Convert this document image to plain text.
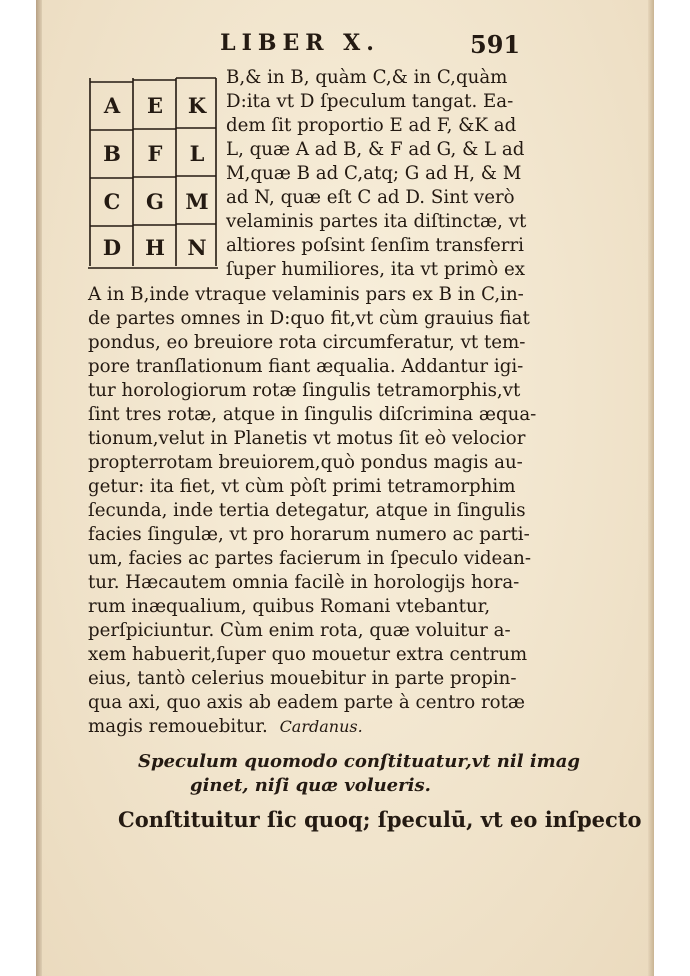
LIBER X.	591
A	E	K
B	F	L
C	G	M
D	H	N
B,& in B, quàm C,& in C,quàm
D:ita vt D ſpeculum tangat. Ea-
dem ſit proportio E ad F, &K ad
L, quæ A ad B, & F ad G, & L ad
M,quæ B ad C,atq; G ad H, & M
ad N, quæ eſt C ad D. Sint verò
velaminis partes ita diſtinctæ, vt
altiores poſsint ſenſim transferri
ſuper humiliores, ita vt primò ex
A in B,inde vtraque velaminis pars ex B in C,in-
de partes omnes in D:quo fit,vt cùm grauius fiat
pondus, eo breuiore rota circumferatur, vt tem-
pore tranſlationum fiant æqualia. Addantur igi-
tur horologiorum rotæ ſingulis tetramorphis,vt
ſint tres rotæ, atque in ſingulis diſcrimina æqua-
tionum,velut in Planetis vt motus ſit eò velocior
propterrotam breuiorem,quò pondus magis au-
getur: ita fiet, vt cùm pòſt primi tetramorphim
ſecunda, inde tertia detegatur, atque in ſingulis
facies ſingulæ, vt pro horarum numero ac parti-
um, facies ac partes facierum in ſpeculo videan-
tur. Hæcautem omnia facilè in horologijs hora-
rum inæqualium, quibus Romani vtebantur,
perſpiciuntur. Cùm enim rota, quæ voluitur a-
xem habuerit,ſuper quo mouetur extra centrum
eius, tantò celerius mouebitur in parte propin-
qua axi, quo axis ab eadem parte à centro rotæ
magis remouebitur. Cardanus.
Speculum quomodo conſtituatur,vt nil imag
ginet, niſi quæ volueris.
Conſtituitur ſic quoq; ſpeculū, vt eo inſpecto
